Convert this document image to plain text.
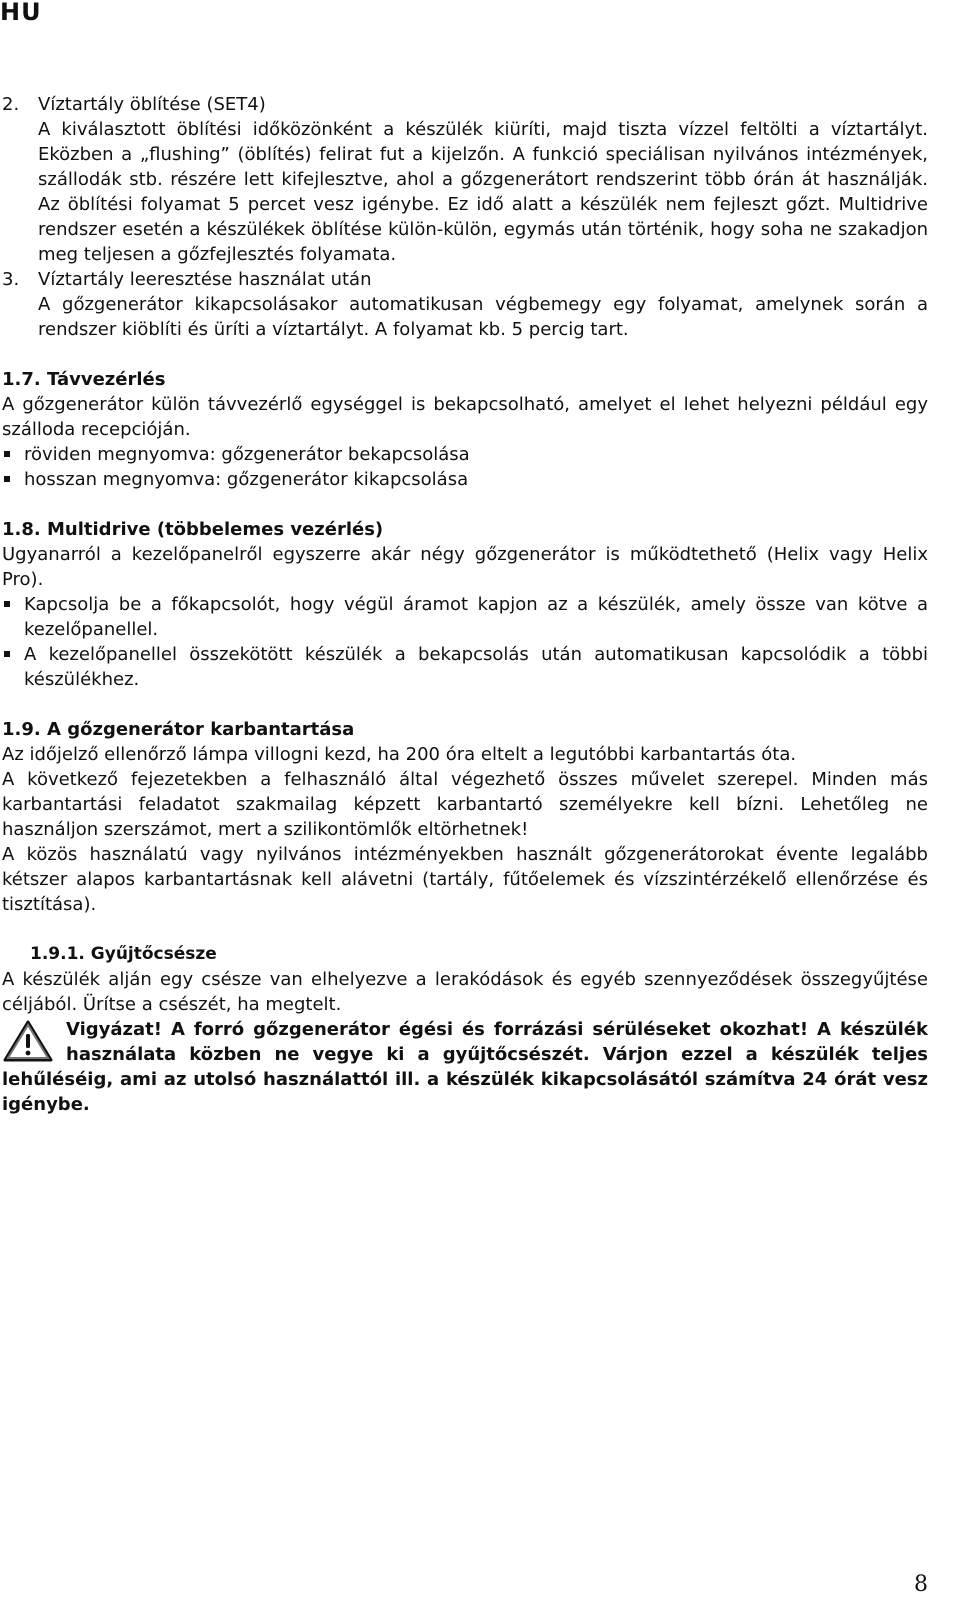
HU

2. Víztartály öblítése (SET4)

A kiválasztott öblítési időközönként a készülék kiüríti, majd tiszta vízzel feltölti a víztartályt. Eközben a „flushing” (öblítés) felirat fut a kijelzőn. A funkció speciálisan nyilvános intézmények, szállodák stb. részére lett kifejlesztve, ahol a gőzgenerátort rendszerint több órán át használják. Az öblítési folyamat 5 percet vesz igénybe. Ez idő alatt a készülék nem fejleszt gőzt. Multidrive rendszer esetén a készülékek öblítése külön-külön, egymás után történik, hogy soha ne szakadjon meg teljesen a gőzfejlesztés folyamata.

3. Víztartály leeresztése használat után

A gőzgenerátor kikapcsolásakor automatikusan végbemegy egy folyamat, amelynek során a rendszer kiöblíti és üríti a víztartályt. A folyamat kb. 5 percig tart.

1.7. Távvezérlés

A gőzgenerátor külön távvezérlő egységgel is bekapcsolható, amelyet el lehet helyezni például egy szálloda recepcióján.

röviden megnyomva: gőzgenerátor bekapcsolása
hosszan megnyomva: gőzgenerátor kikapcsolása

1.8. Multidrive (többelemes vezérlés)

Ugyanarról a kezelőpanelről egyszerre akár négy gőzgenerátor is működtethető (Helix vagy Helix Pro).

Kapcsolja be a főkapcsolót, hogy végül áramot kapjon az a készülék, amely össze van kötve a kezelőpanellel.
A kezelőpanellel összekötött készülék a bekapcsolás után automatikusan kapcsolódik a többi készülékhez.

1.9. A gőzgenerátor karbantartása

Az időjelző ellenőrző lámpa villogni kezd, ha 200 óra eltelt a legutóbbi karbantartás óta.

A következő fejezetekben a felhasználó által végezhető összes művelet szerepel. Minden más karbantartási feladatot szakmailag képzett karbantartó személyekre kell bízni. Lehetőleg ne használjon szerszámot, mert a szilikontömlők eltörhetnek!

A közös használatú vagy nyilvános intézményekben használt gőzgenerátorokat évente legalább kétszer alapos karbantartásnak kell alávetni (tartály, fűtőelemek és vízszintérzékelő ellenőrzése és tisztítása).

1.9.1. Gyűjtőcsésze

A készülék alján egy csésze van elhelyezve a lerakódások és egyéb szennyeződések összegyűjtése céljából. Ürítse a csészét, ha megtelt.

Vigyázat! A forró gőzgenerátor égési és forrázási sérüléseket okozhat! A készülék használata közben ne vegye ki a gyűjtőcsészét. Várjon ezzel a készülék teljes lehűléséig, ami az utolsó használattól ill. a készülék kikapcsolásától számítva 24 órát vesz igénybe.

8
